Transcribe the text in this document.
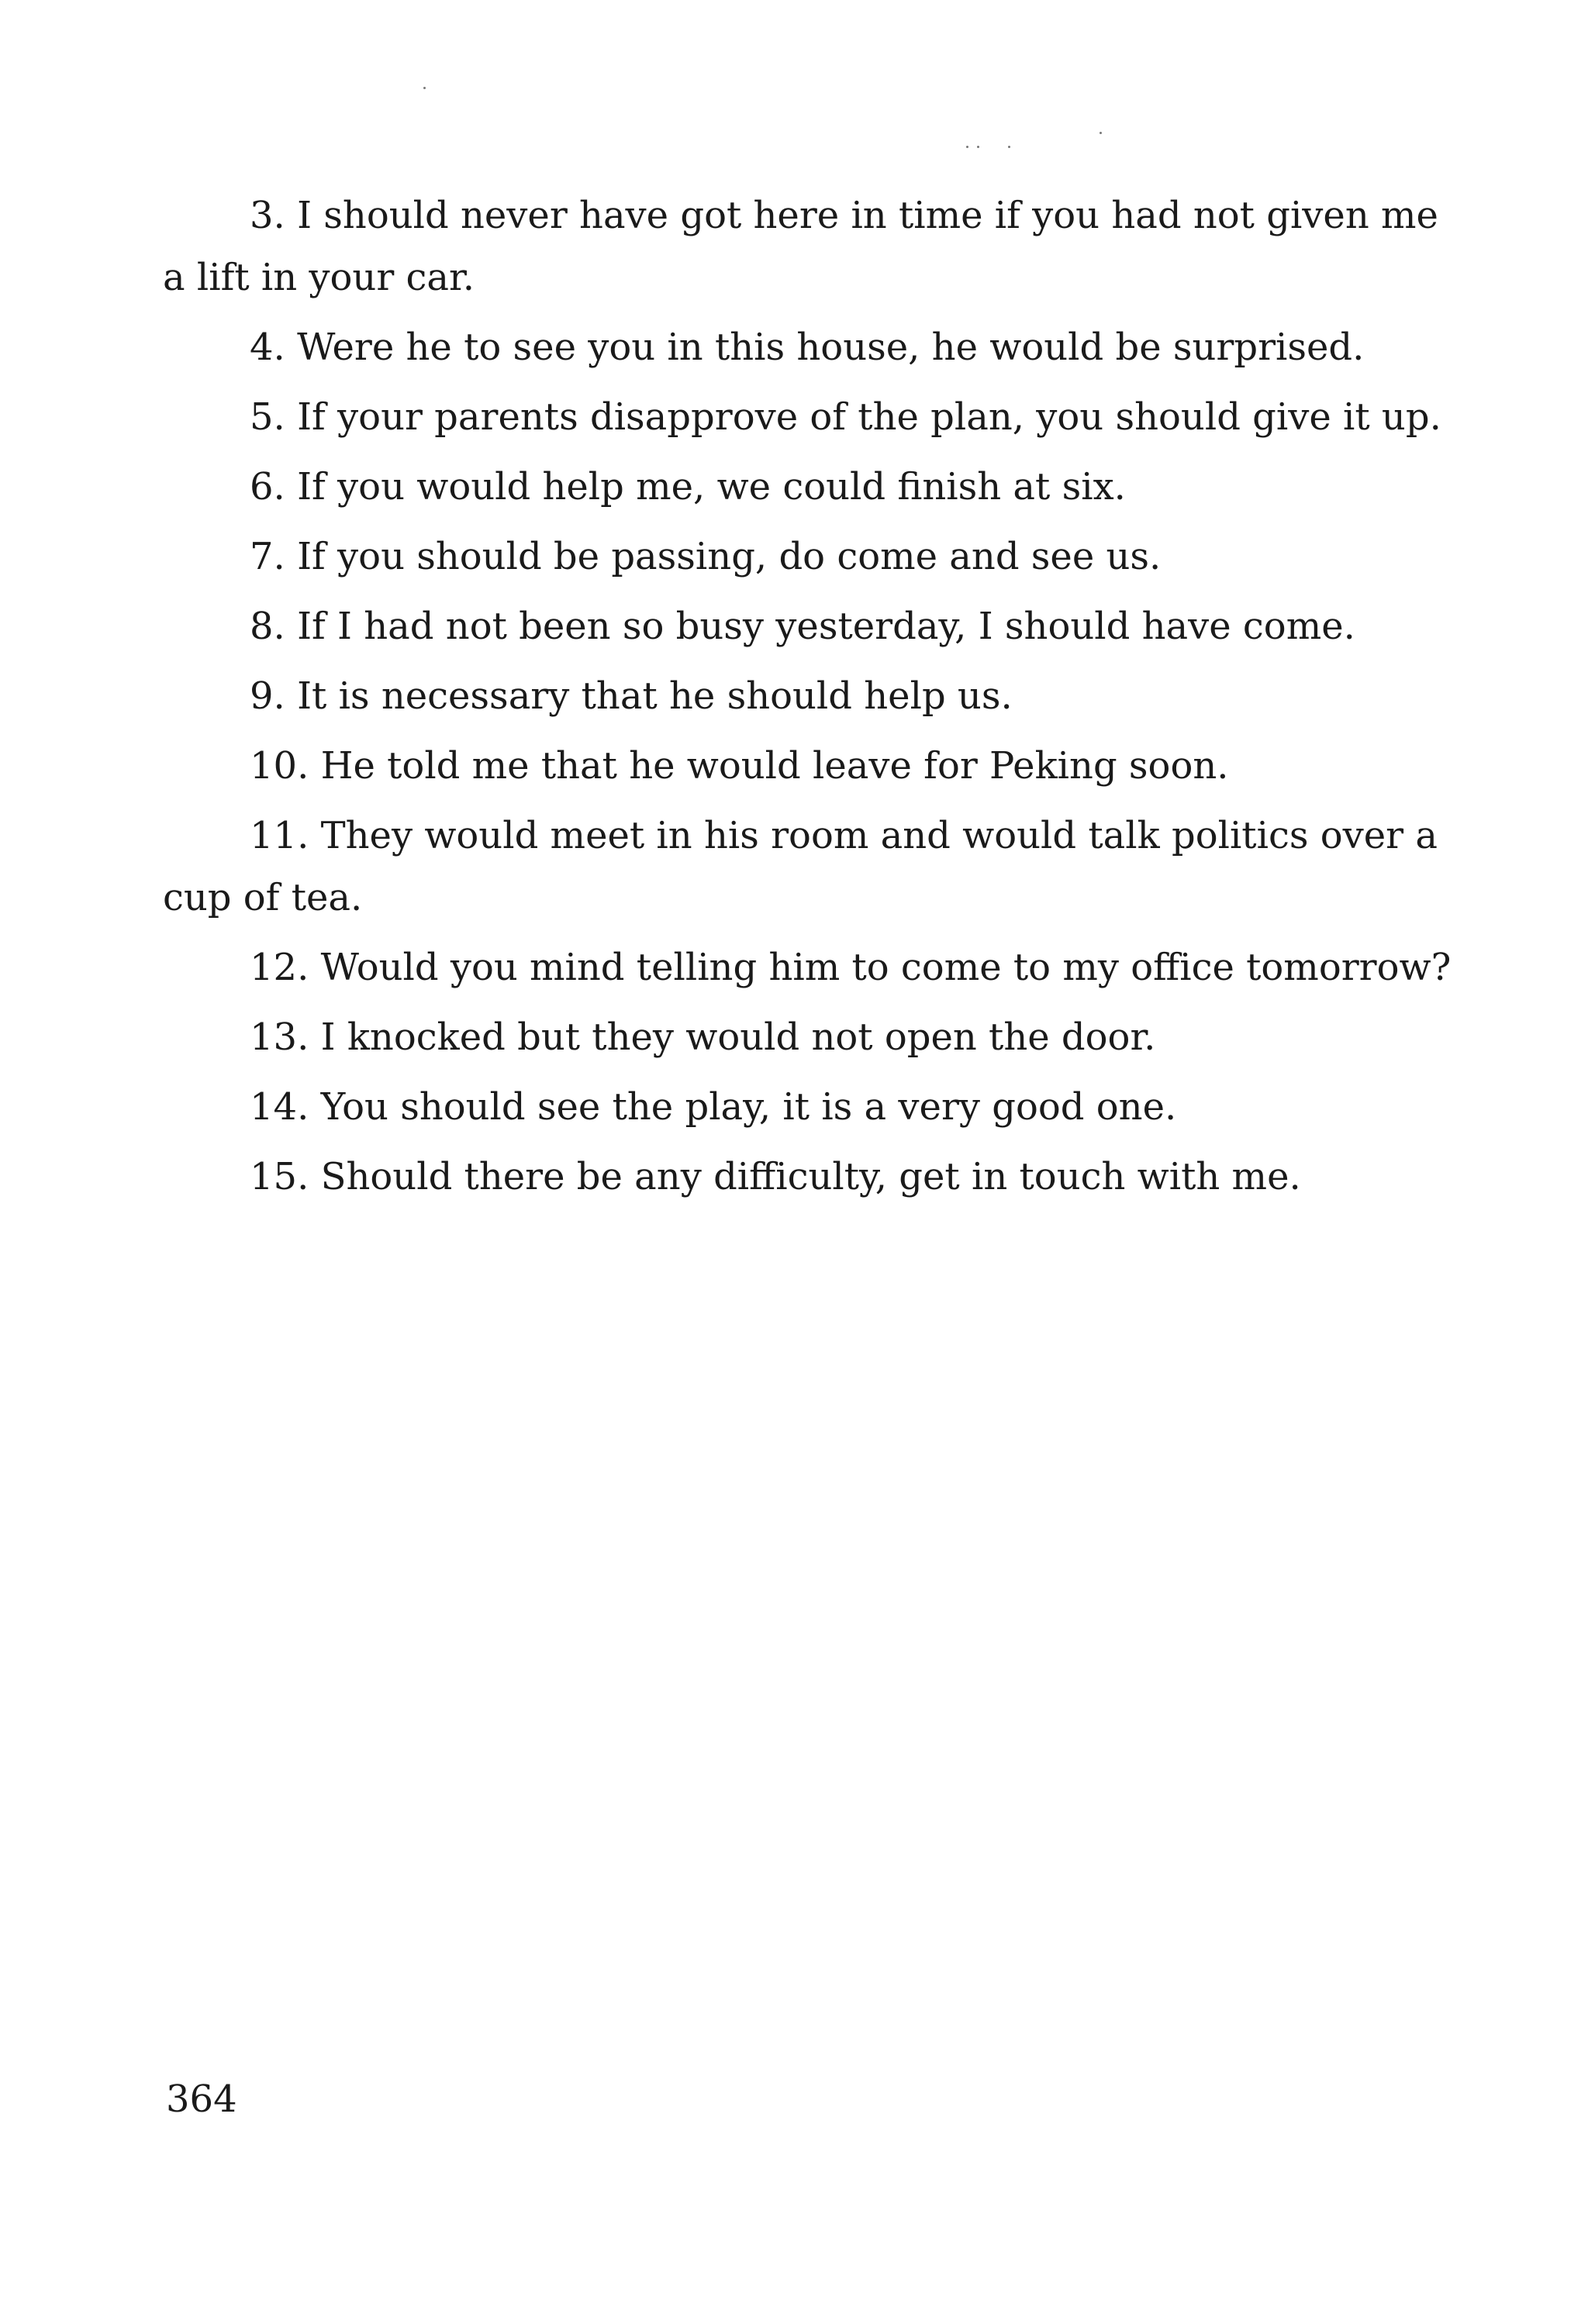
3. I should never have got here in time if you had not given me a lift in your car.

4. Were he to see you in this house, he would be surprised.

5. If your parents disapprove of the plan, you should give it up.

6. If you would help me, we could finish at six.

7. If you should be passing, do come and see us.

8. If I had not been so busy yesterday, I should have come.

9. It is necessary that he should help us.

10. He told me that he would leave for Peking soon.

11. They would meet in his room and would talk politics over a cup of tea.

12. Would you mind telling him to come to my office tomorrow?

13. I knocked but they would not open the door.

14. You should see the play, it is a very good one.

15. Should there be any difficulty, get in touch with me.

364
